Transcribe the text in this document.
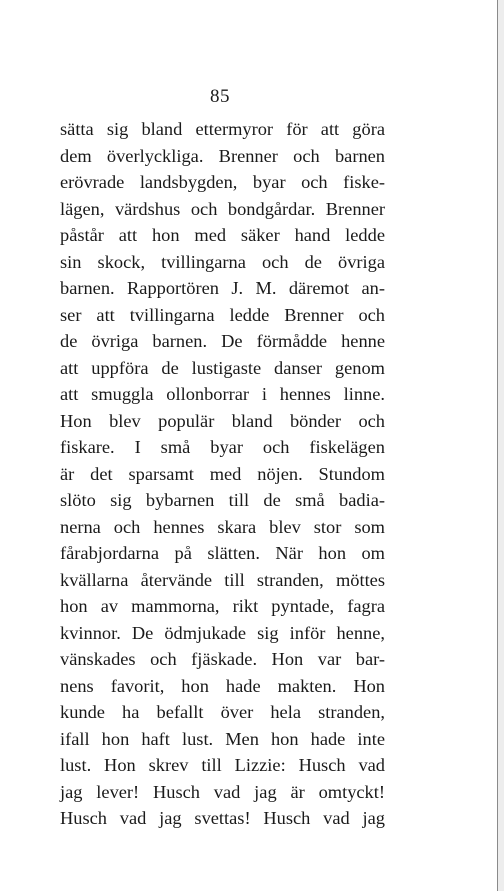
85
sätta sig bland ettermyror för att göra
dem överlyckliga. Brenner och barnen
erövrade landsbygden, byar och fiske-
lägen, värdshus och bondgårdar. Brenner
påstår att hon med säker hand ledde
sin skock, tvillingarna och de övriga
barnen. Rapportören J. M. däremot an-
ser att tvillingarna ledde Brenner och
de övriga barnen. De förmådde henne
att uppföra de lustigaste danser genom
att smuggla ollonborrar i hennes linne.
Hon blev populär bland bönder och
fiskare. I små byar och fiskelägen
är det sparsamt med nöjen. Stundom
slöto sig bybarnen till de små badia-
nerna och hennes skara blev stor som
fårabjordarna på slätten. När hon om
kvällarna återvände till stranden, möttes
hon av mammorna, rikt pyntade, fagra
kvinnor. De ödmjukade sig inför henne,
vänskades och fjäskade. Hon var bar-
nens favorit, hon hade makten. Hon
kunde ha befallt över hela stranden,
ifall hon haft lust. Men hon hade inte
lust. Hon skrev till Lizzie: Husch vad
jag lever! Husch vad jag är omtyckt!
Husch vad jag svettas! Husch vad jag
